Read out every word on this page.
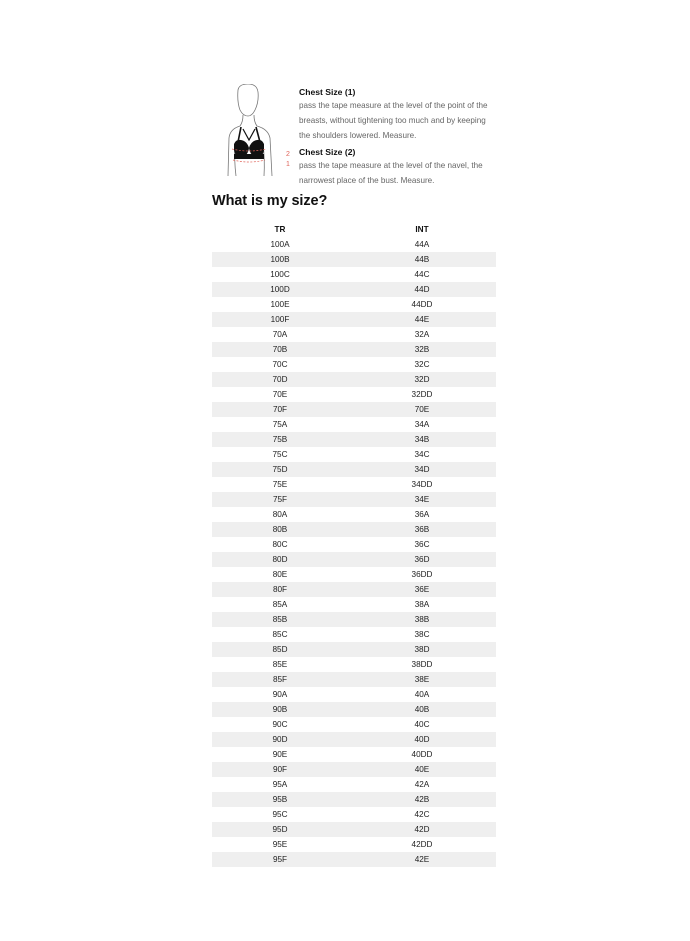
2
1
Chest Size (1)
pass the tape measure at the level of the point of the breasts, without tightening too much and by keeping the shoulders lowered. Measure.
Chest Size (2)
pass the tape measure at the level of the navel, the narrowest place of the bust. Measure.
What is my size?
TR	INT
100A	44A
100B	44B
100C	44C
100D	44D
100E	44DD
100F	44E
70A	32A
70B	32B
70C	32C
70D	32D
70E	32DD
70F	70E
75A	34A
75B	34B
75C	34C
75D	34D
75E	34DD
75F	34E
80A	36A
80B	36B
80C	36C
80D	36D
80E	36DD
80F	36E
85A	38A
85B	38B
85C	38C
85D	38D
85E	38DD
85F	38E
90A	40A
90B	40B
90C	40C
90D	40D
90E	40DD
90F	40E
95A	42A
95B	42B
95C	42C
95D	42D
95E	42DD
95F	42E
